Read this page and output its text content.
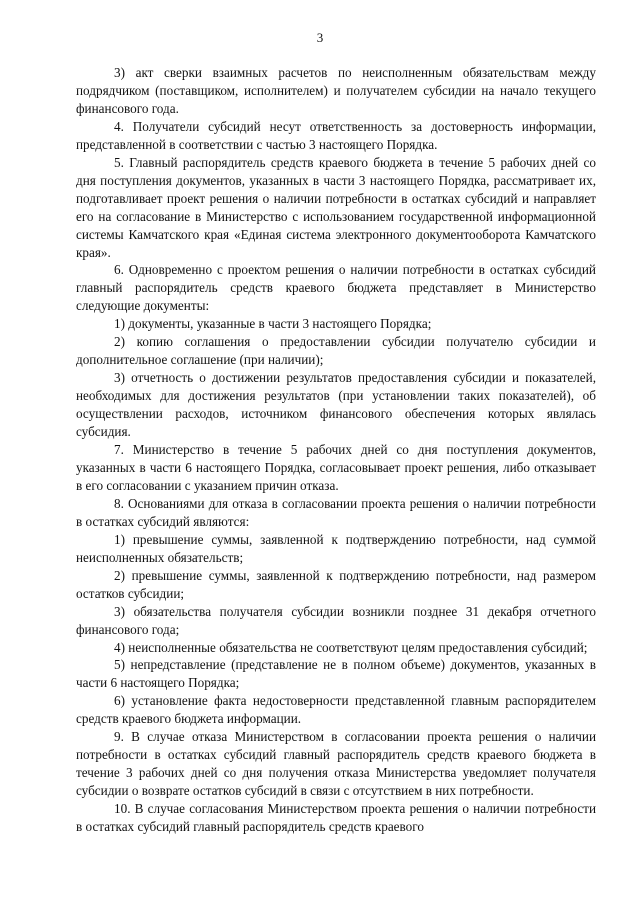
3

3) акт сверки взаимных расчетов по неисполненным обязательствам между подрядчиком (поставщиком, исполнителем) и получателем субсидии на начало текущего финансового года.

4. Получатели субсидий несут ответственность за достоверность информации, представленной в соответствии с частью 3 настоящего Порядка.

5. Главный распорядитель средств краевого бюджета в течение 5 рабочих дней со дня поступления документов, указанных в части 3 настоящего Порядка, рассматривает их, подготавливает проект решения о наличии потребности в остатках субсидий и направляет его на согласование в Министерство с использованием государственной информационной системы Камчатского края «Единая система электронного документооборота Камчатского края».

6. Одновременно с проектом решения о наличии потребности в остатках субсидий главный распорядитель средств краевого бюджета представляет в Министерство следующие документы:

1) документы, указанные в части 3 настоящего Порядка;

2) копию соглашения о предоставлении субсидии получателю субсидии и дополнительное соглашение (при наличии);

3) отчетность о достижении результатов предоставления субсидии и показателей, необходимых для достижения результатов (при установлении таких показателей), об осуществлении расходов, источником финансового обеспечения которых являлась субсидия.

7. Министерство в течение 5 рабочих дней со дня поступления документов, указанных в части 6 настоящего Порядка, согласовывает проект решения, либо отказывает в его согласовании с указанием причин отказа.

8. Основаниями для отказа в согласовании проекта решения о наличии потребности в остатках субсидий являются:

1) превышение суммы, заявленной к подтверждению потребности, над суммой неисполненных обязательств;

2) превышение суммы, заявленной к подтверждению потребности, над размером остатков субсидии;

3) обязательства получателя субсидии возникли позднее 31 декабря отчетного финансового года;

4) неисполненные обязательства не соответствуют целям предоставления субсидий;

5) непредставление (представление не в полном объеме) документов, указанных в части 6 настоящего Порядка;

6) установление факта недостоверности представленной главным распорядителем средств краевого бюджета информации.

9. В случае отказа Министерством в согласовании проекта решения о наличии потребности в остатках субсидий главный распорядитель средств краевого бюджета в течение 3 рабочих дней со дня получения отказа Министерства уведомляет получателя субсидии о возврате остатков субсидий в связи с отсутствием в них потребности.

10. В случае согласования Министерством проекта решения о наличии потребности в остатках субсидий главный распорядитель средств краевого
